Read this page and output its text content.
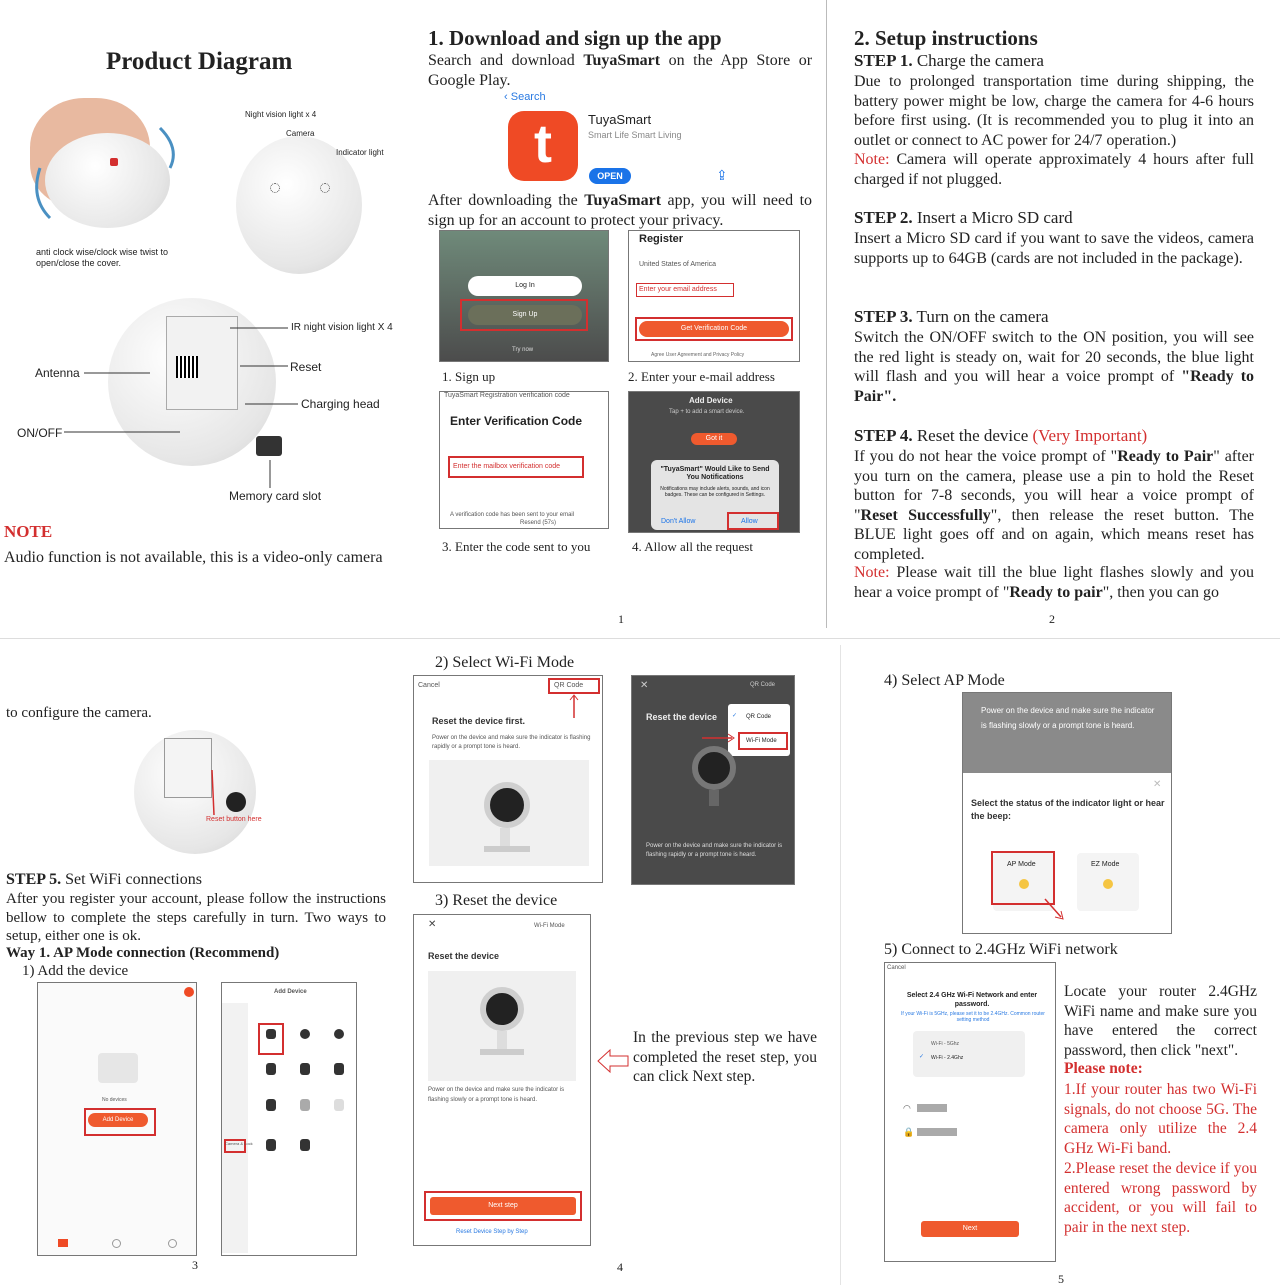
Product Diagram
anti clock wise/clock wise twist to open/close the cover.
Night vision light x 4
Camera
Indicator light
IR night vision light X 4
Antenna	Reset
Charging head
ON/OFF
Memory card slot
NOTE
Audio function is not available, this is a video-only camera
1. Download and sign up the app
Search and download TuyaSmart on the App Store or Google Play.
‹ Search
t	TuyaSmart
Smart Life Smart Living
OPEN	⇪
After downloading the TuyaSmart app, you will need to sign up for an account to protect your privacy.
Log In
Sign Up
Try now
1. Sign up
Register
United States of America
Enter your email address
Get Verification Code
Agree User Agreement and Privacy Policy
2. Enter your e-mail address
TuyaSmart Registration verification code
Enter Verification Code
Enter the mailbox verification code
A verification code has been sent to your email
Resend (57s)
3. Enter the code sent to you
Add Device
Tap + to add a smart device.
Got it
"TuyaSmart" Would Like to Send You Notifications
Notifications may include alerts, sounds, and icon badges. These can be configured in Settings.
Don't Allow	Allow
4. Allow all the request
1
2. Setup instructions
STEP 1. Charge the camera
Due to prolonged transportation time during shipping, the battery power might be low, charge the camera for 4-6 hours before first using. (It is recommended you to plug it into an outlet or connect to AC power for 24/7 operation.)
Note: Camera will operate approximately 4 hours after full charged if not plugged.
STEP 2. Insert a Micro SD card
Insert a Micro SD card if you want to save the videos, camera supports up to 64GB (cards are not included in the package).
STEP 3. Turn on the camera
Switch the ON/OFF switch to the ON position, you will see the red light is steady on, wait for 20 seconds, the blue light will flash and you will hear a voice prompt of "Ready to Pair".
STEP 4. Reset the device (Very Important)
If you do not hear the voice prompt of "Ready to Pair" after you turn on the camera, please use a pin to hold the Reset button for 7-8 seconds, you will hear a voice prompt of "Reset Successfully", then release the reset button. The BLUE light goes off and on again, which means reset has completed.
Note: Please wait till the blue light flashes slowly and you hear a voice prompt of "Ready to pair", then you can go
2
to configure the camera.
Reset button here
STEP 5. Set WiFi connections
After you register your account, please follow the instructions bellow to complete the steps carefully in turn. Two ways to setup, either one is ok.
Way 1. AP Mode connection (Recommend)
1) Add the device
No devices
Add Device
3
Add Device
Camera & Lock
2) Select Wi-Fi Mode
Cancel	QR Code
Reset the device first.
Power on the device and make sure the indicator is flashing rapidly or a prompt tone is heard.
✕	QR Code
Reset the device ✓ QR Code
Wi-Fi Mode
Power on the device and make sure the indicator is flashing rapidly or a prompt tone is heard.
3) Reset the device
✕	Wi-Fi Mode
Reset the device
Power on the device and make sure the indicator is flashing slowly or a prompt tone is heard.
Next step
Reset Device Step by Step
In the previous step we have completed the reset step, you can click Next step.
4
4) Select AP Mode
Power on the device and make sure the indicator is flashing slowly or a prompt tone is heard.
✕
Select the status of the indicator light or hear the beep:
AP Mode	EZ Mode
5) Connect to 2.4GHz WiFi network
Cancel
Select 2.4 GHz Wi-Fi Network and enter password.
If your Wi-Fi is 5GHz, please set it to be 2.4GHz. Common router setting method
Wi-Fi - 5Ghz
Wi-Fi - 2.4Ghz
✓
◠
🔒
Next
Locate your router 2.4GHz WiFi name and make sure you have entered the correct password, then click "next".
Please note:
1.If your router has two Wi-Fi signals, do not choose 5G. The camera only utilize the 2.4 GHz Wi-Fi band.
2.Please reset the device if you entered wrong password by accident, or you will fail to pair in the next step.
5
